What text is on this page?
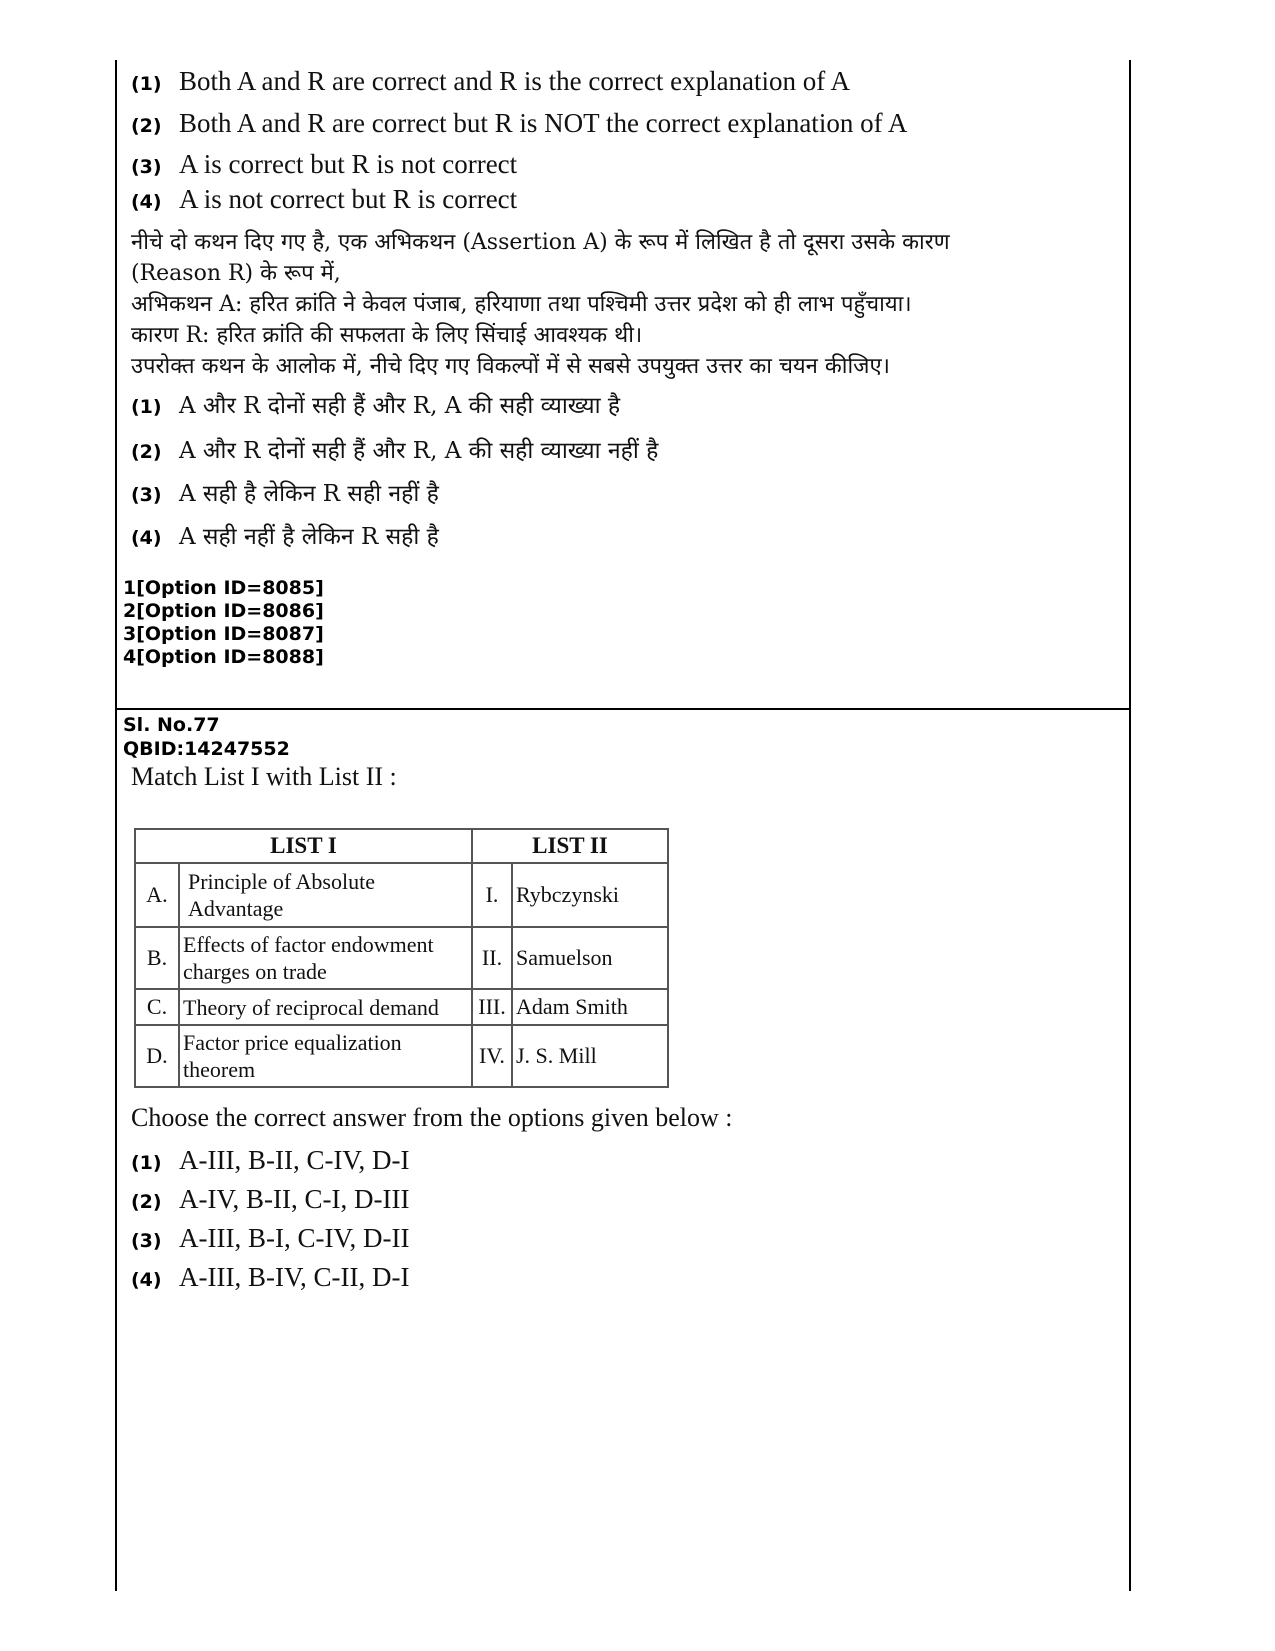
(1) Both A and R are correct and R is the correct explanation of A
(2) Both A and R are correct but R is NOT the correct explanation of A
(3) A is correct but R is not correct
(4) A is not correct but R is correct
नीचे दो कथन दिए गए है, एक अभिकथन (Assertion A) के रूप में लिखित है तो दूसरा उसके कारण
(Reason R) के रूप में,
अभिकथन A: हरित क्रांति ने केवल पंजाब, हरियाणा तथा पश्चिमी उत्तर प्रदेश को ही लाभ पहुँचाया।
कारण R: हरित क्रांति की सफलता के लिए सिंचाई आवश्यक थी।
उपरोक्त कथन के आलोक में, नीचे दिए गए विकल्पों में से सबसे उपयुक्त उत्तर का चयन कीजिए।
(1) A और R दोनों सही हैं और R, A की सही व्याख्या है
(2) A और R दोनों सही हैं और R, A की सही व्याख्या नहीं है
(3) A सही है लेकिन R सही नहीं है
(4) A सही नहीं है लेकिन R सही है
1[Option ID=8085]
2[Option ID=8086]
3[Option ID=8087]
4[Option ID=8088]
Sl. No.77
QBID:14247552
Match List I with List II :
LIST I		LIST II	
A.	Principle of Absolute Advantage	I.	Rybczynski
B.	Effects of factor endowment charges on trade	II.	Samuelson
C.	Theory of reciprocal demand	III.	Adam Smith
D.	Factor price equalization theorem	IV.	J. S. Mill
Choose the correct answer from the options given below :
(1) A-III, B-II, C-IV, D-I
(2) A-IV, B-II, C-I, D-III
(3) A-III, B-I, C-IV, D-II
(4) A-III, B-IV, C-II, D-I
